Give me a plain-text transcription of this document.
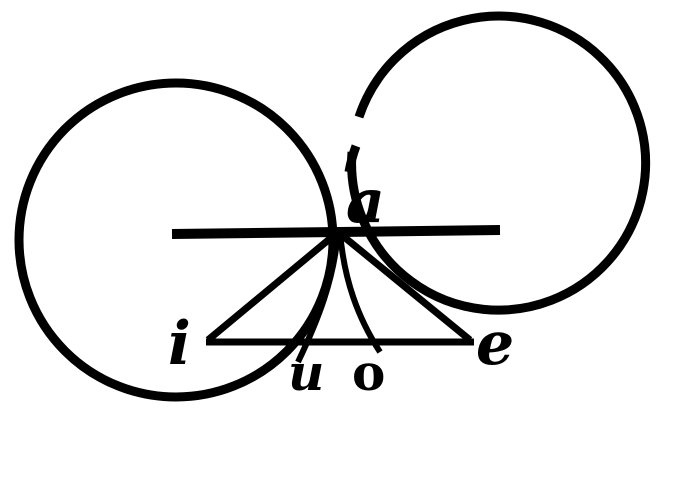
a
i u o e
